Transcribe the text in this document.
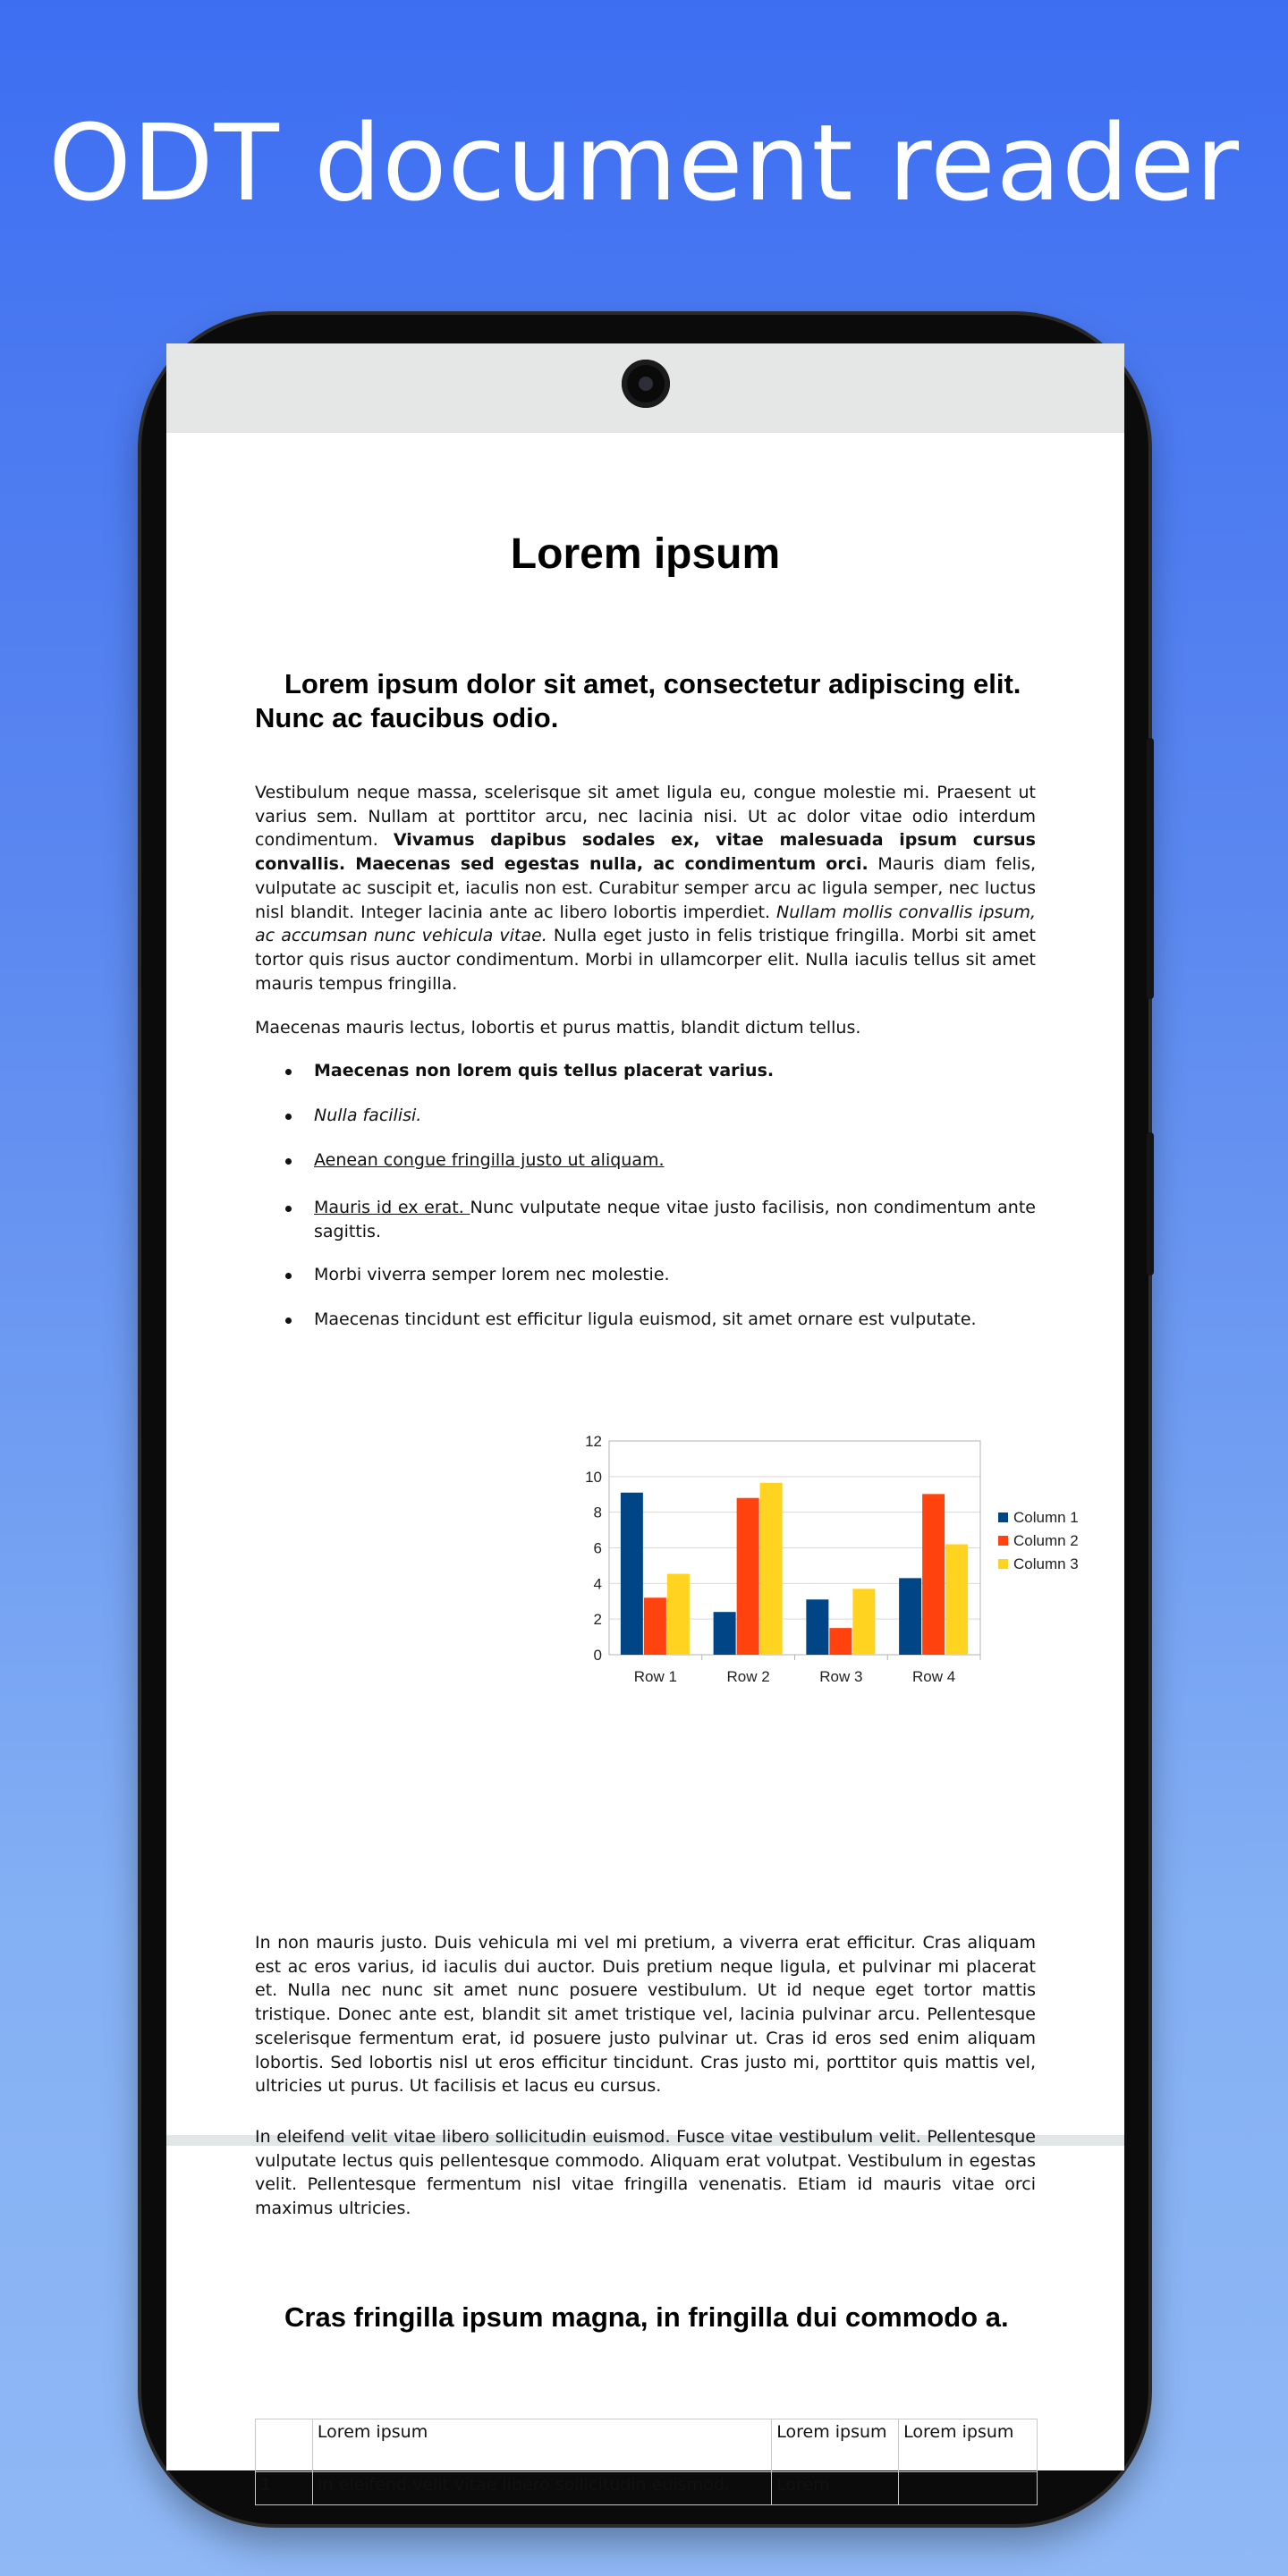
ODT document reader
Lorem ipsum
Lorem ipsum dolor sit amet, consectetur adipiscing elit. Nunc ac faucibus odio.

Vestibulum neque massa, scelerisque sit amet ligula eu, congue molestie mi. Praesent ut varius sem. Nullam at porttitor arcu, nec lacinia nisi. Ut ac dolor vitae odio interdum condimentum. Vivamus dapibus sodales ex, vitae malesuada ipsum cursus convallis. Maecenas sed egestas nulla, ac condimentum orci. Mauris diam felis, vulputate ac suscipit et, iaculis non est. Curabitur semper arcu ac ligula semper, nec luctus nisl blandit. Integer lacinia ante ac libero lobortis imperdiet. Nullam mollis convallis ipsum, ac accumsan nunc vehicula vitae. Nulla eget justo in felis tristique fringilla. Morbi sit amet tortor quis risus auctor condimentum. Morbi in ullamcorper elit. Nulla iaculis tellus sit amet mauris tempus fringilla.

Maecenas mauris lectus, lobortis et purus mattis, blandit dictum tellus.

Maecenas non lorem quis tellus placerat varius.
Nulla facilisi.
Aenean congue fringilla justo ut aliquam.
Mauris id ex erat. Nunc vulputate neque vitae justo facilisis, non condimentum ante sagittis.
Morbi viverra semper lorem nec molestie.
Maecenas tincidunt est efficitur ligula euismod, sit amet ornare est vulputate.
0
2
4
6
8
10
12
Row 1	Row 2	Row 3	Row 4
Column 1
Column 2
Column 3

In non mauris justo. Duis vehicula mi vel mi pretium, a viverra erat efficitur. Cras aliquam est ac eros varius, id iaculis dui auctor. Duis pretium neque ligula, et pulvinar mi placerat et. Nulla nec nunc sit amet nunc posuere vestibulum. Ut id neque eget tortor mattis tristique. Donec ante est, blandit sit amet tristique vel, lacinia pulvinar arcu. Pellentesque scelerisque fermentum erat, id posuere justo pulvinar ut. Cras id eros sed enim aliquam lobortis. Sed lobortis nisl ut eros efficitur tincidunt. Cras justo mi, porttitor quis mattis vel, ultricies ut purus. Ut facilisis et lacus eu cursus.

In eleifend velit vitae libero sollicitudin euismod. Fusce vitae vestibulum velit. Pellentesque vulputate lectus quis pellentesque commodo. Aliquam erat volutpat. Vestibulum in egestas velit. Pellentesque fermentum nisl vitae fringilla venenatis. Etiam id mauris vitae orci maximus ultricies.

Cras fringilla ipsum magna, in fringilla dui commodo a.
	Lorem ipsum	Lorem ipsum	Lorem ipsum
1	In eleifend velit vitae libero sollicitudin euismod.	Lorem	
